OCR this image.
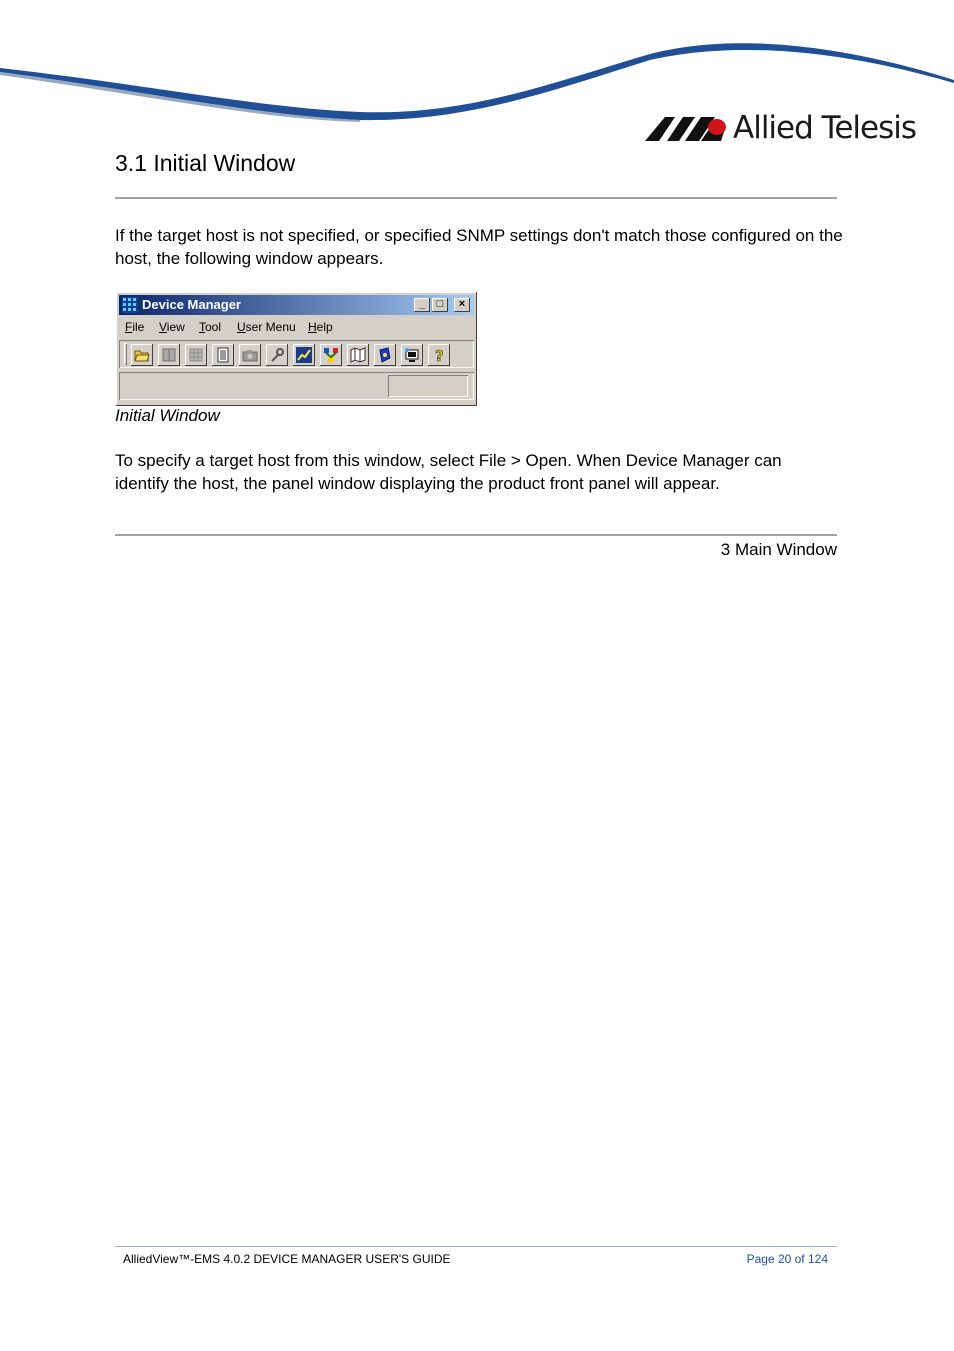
Allied Telesis
3.1 Initial Window

If the target host is not specified, or specified SNMP settings don't match those configured on the host, the following window appears.

Device Manager	_	□	×
File View Tool User Menu Help
?
Initial Window

To specify a target host from this window, select File > Open. When Device Manager can identify the host, the panel window displaying the product front panel will appear.

3 Main Window
AlliedView™-EMS 4.0.2 DEVICE MANAGER USER'S GUIDE	Page 20 of 124
